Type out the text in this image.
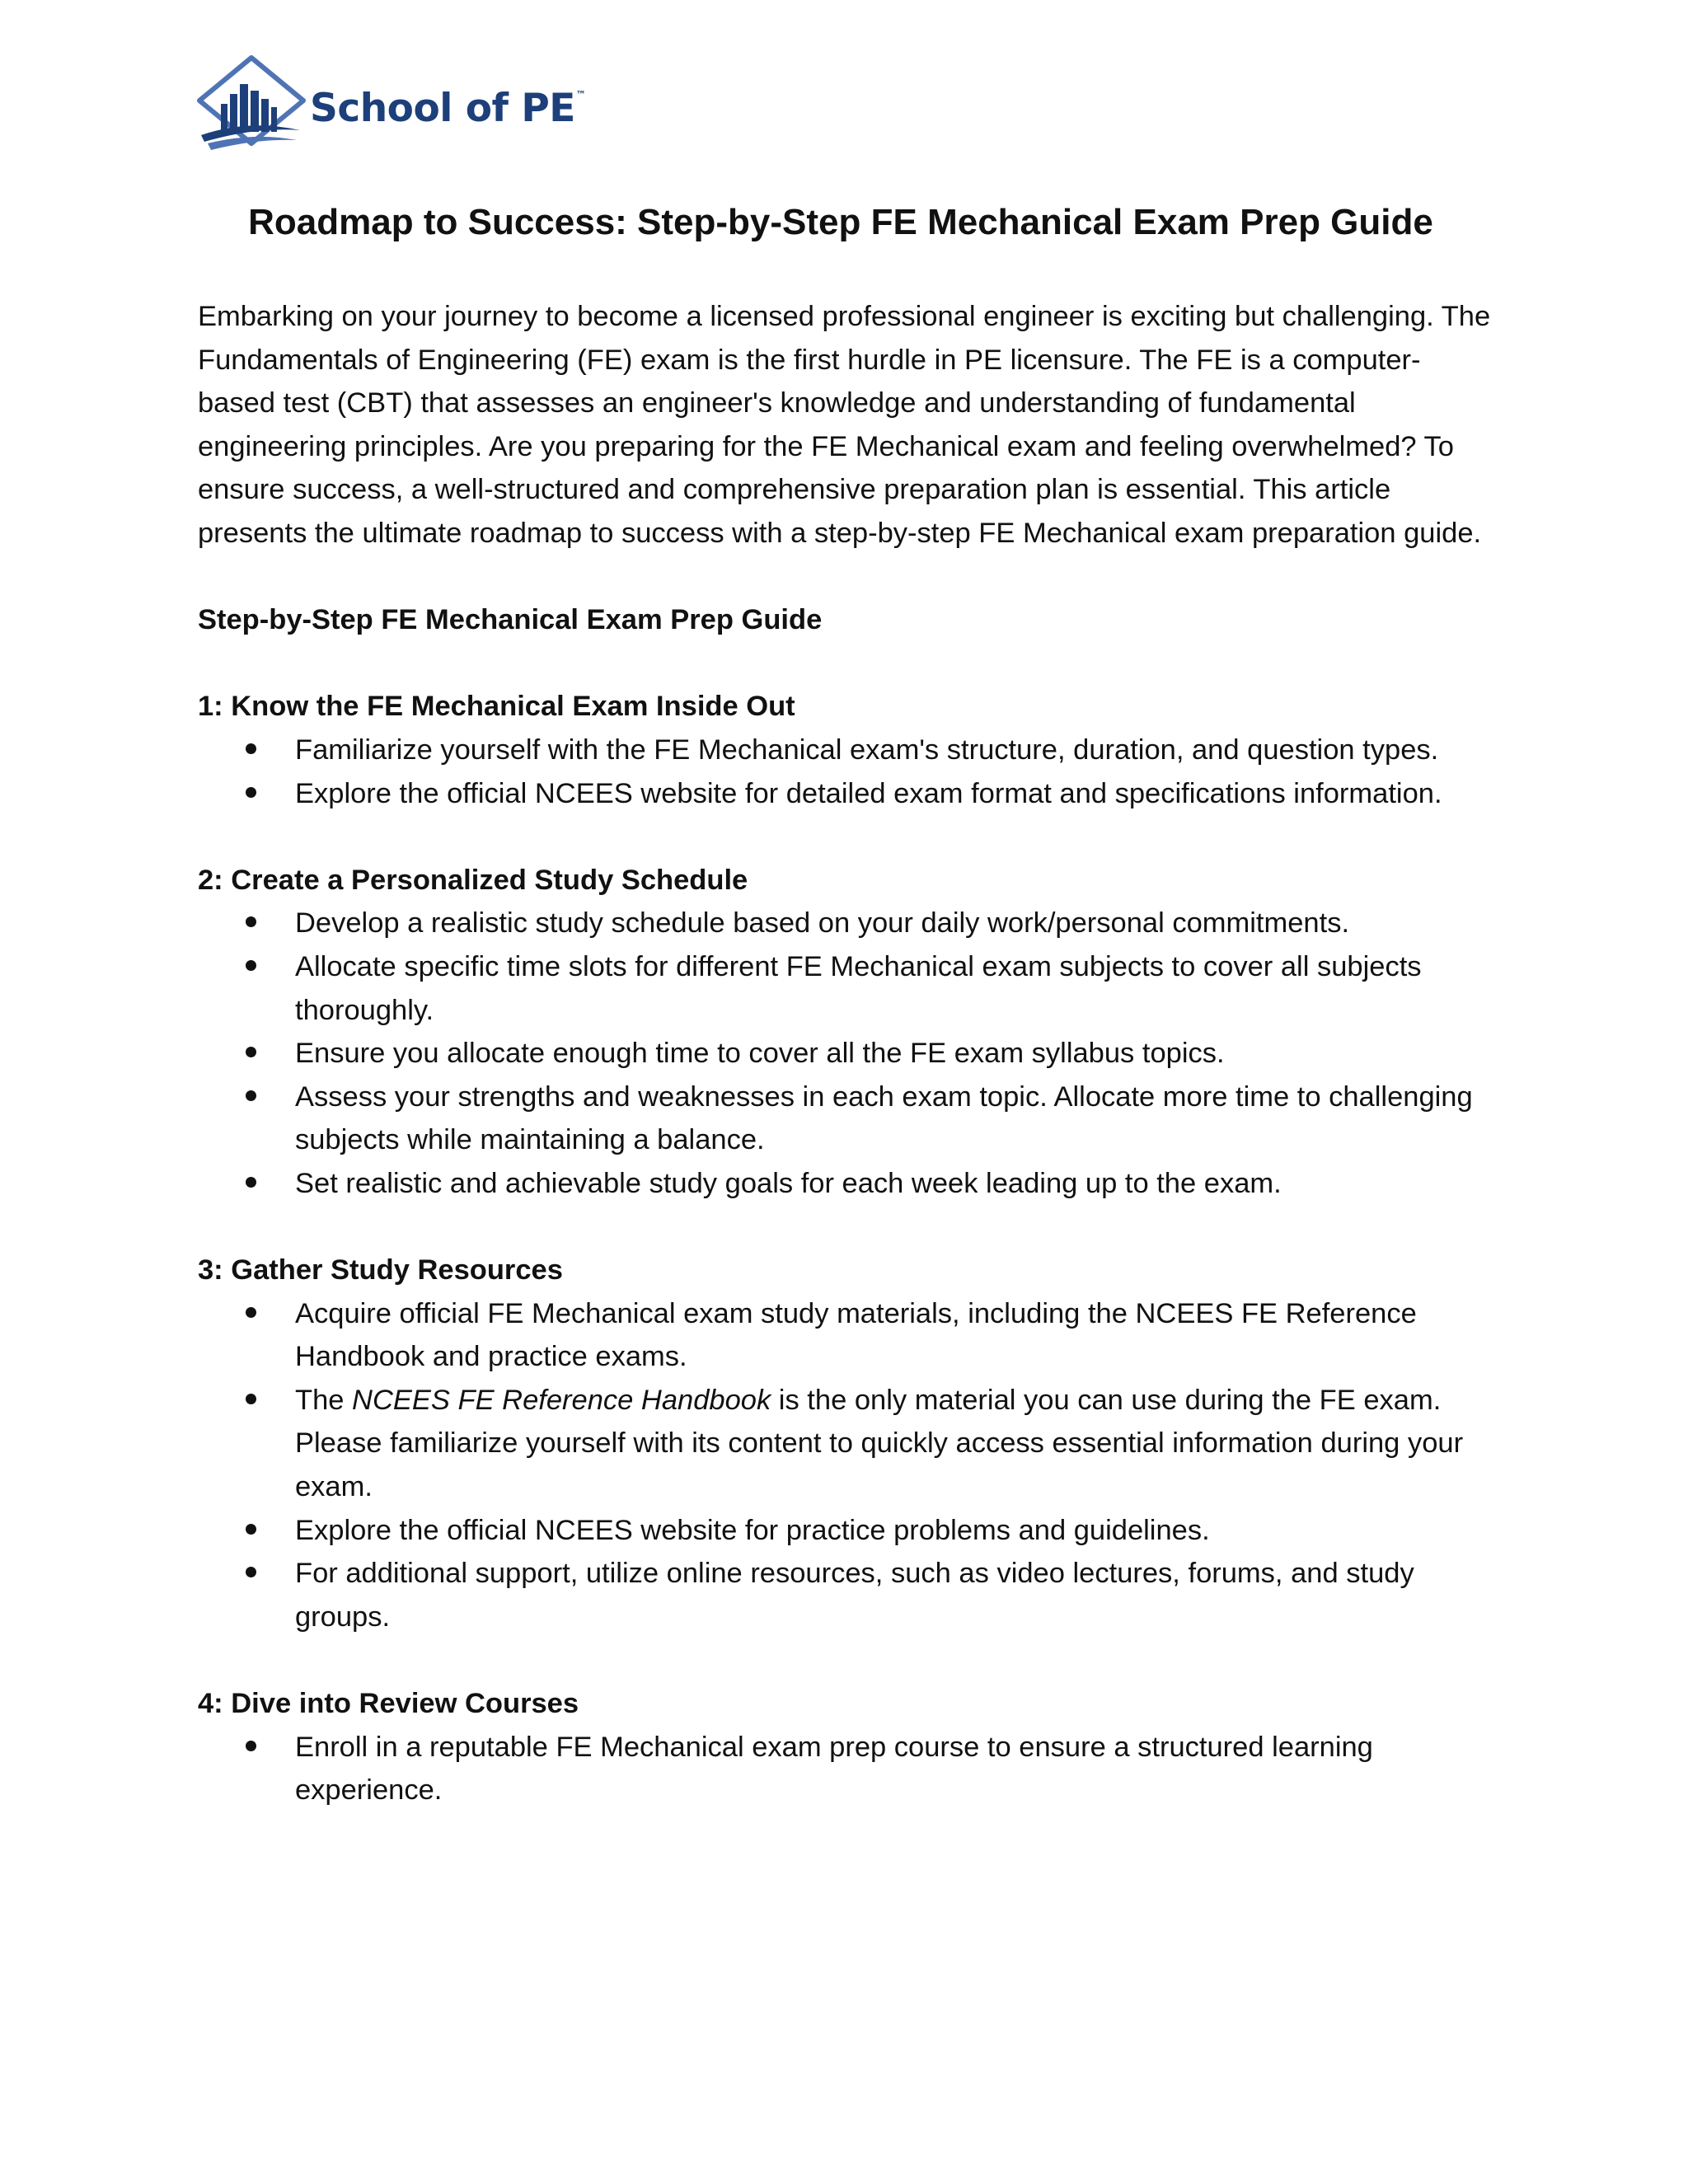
School of PE™
Roadmap to Success: Step-by-Step FE Mechanical Exam Prep Guide

Embarking on your journey to become a licensed professional engineer is exciting but challenging. The Fundamentals of Engineering (FE) exam is the first hurdle in PE licensure. The FE is a computer-based test (CBT) that assesses an engineer's knowledge and understanding of fundamental engineering principles. Are you preparing for the FE Mechanical exam and feeling overwhelmed? To ensure success, a well-structured and comprehensive preparation plan is essential. This article presents the ultimate roadmap to success with a step-by-step FE Mechanical exam preparation guide.

Step-by-Step FE Mechanical Exam Prep Guide

1: Know the FE Mechanical Exam Inside Out

Familiarize yourself with the FE Mechanical exam's structure, duration, and question types.
Explore the official NCEES website for detailed exam format and specifications information.

2: Create a Personalized Study Schedule

Develop a realistic study schedule based on your daily work/personal commitments.
Allocate specific time slots for different FE Mechanical exam subjects to cover all subjects thoroughly.
Ensure you allocate enough time to cover all the FE exam syllabus topics.
Assess your strengths and weaknesses in each exam topic. Allocate more time to challenging subjects while maintaining a balance.
Set realistic and achievable study goals for each week leading up to the exam.

3: Gather Study Resources

Acquire official FE Mechanical exam study materials, including the NCEES FE Reference Handbook and practice exams.
The NCEES FE Reference Handbook is the only material you can use during the FE exam. Please familiarize yourself with its content to quickly access essential information during your exam.
Explore the official NCEES website for practice problems and guidelines.
For additional support, utilize online resources, such as video lectures, forums, and study groups.

4: Dive into Review Courses

Enroll in a reputable FE Mechanical exam prep course to ensure a structured learning experience.
